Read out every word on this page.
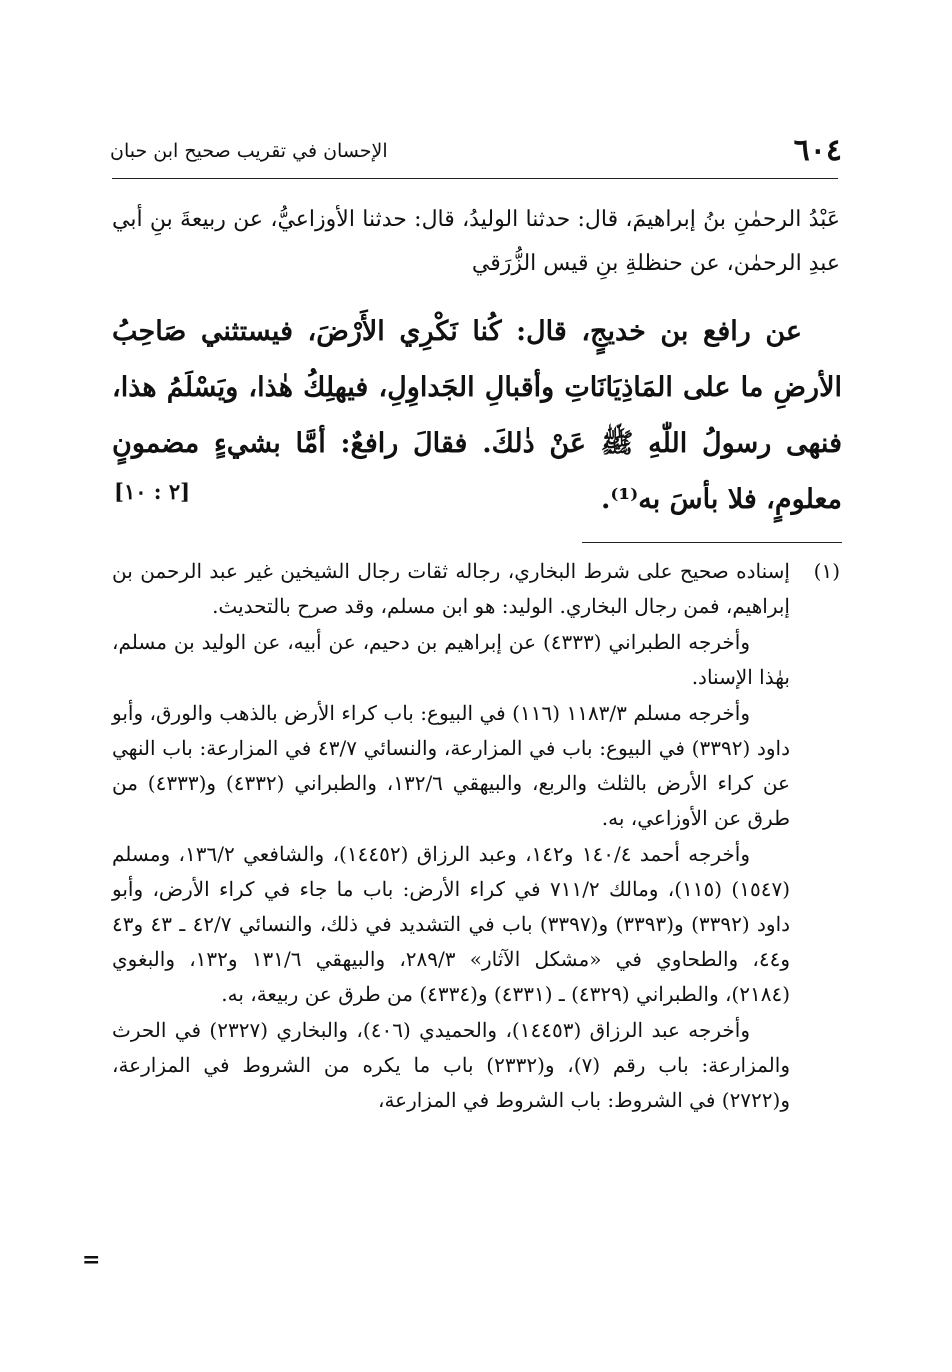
٦٠٤
الإحسان في تقريب صحيح ابن حبان
عَبْدُ الرحمٰنِ بنُ إبراهيمَ، قال: حدثنا الوليدُ، قال: حدثنا الأوزاعيُّ، عن ربيعةَ بنِ أبي عبدِ الرحمٰن، عن حنظلةِ بنِ قيس الزُّرَقي

عن رافع بن خديجٍ، قال: كُنا نَكْرِي الأَرْضَ، فيستثني صَاحِبُ الأرضِ ما على المَاذِيَانَاتِ وأقبالِ الجَداوِلِ، فيهلِكُ هٰذا، ويَسْلَمُ هذا، فنهى رسولُ اللّٰهِ ﷺ عَنْ ذٰلكَ. فقالَ رافعٌ: أمَّا بشيءٍ مضمونٍ معلومٍ، فلا بأسَ به⁽¹⁾.

[٢ : ١٠]
(١)
إسناده صحيح على شرط البخاري، رجاله ثقات رجال الشيخين غير عبد الرحمن بن إبراهيم، فمن رجال البخاري. الوليد: هو ابن مسلم، وقد صرح بالتحديث.

وأخرجه الطبراني (٤٣٣٣) عن إبراهيم بن دحيم، عن أبيه، عن الوليد بن مسلم، بهٰذا الإسناد.

وأخرجه مسلم ١١٨٣/٣ (١١٦) في البيوع: باب كراء الأرض بالذهب والورق، وأبو داود (٣٣٩٢) في البيوع: باب في المزارعة، والنسائي ٤٣/٧ في المزارعة: باب النهي عن كراء الأرض بالثلث والربع، والبيهقي ١٣٢/٦، والطبراني (٤٣٣٢) و(٤٣٣٣) من طرق عن الأوزاعي، به.

وأخرجه أحمد ١٤٠/٤ و١٤٢، وعبد الرزاق (١٤٤٥٢)، والشافعي ١٣٦/٢، ومسلم (١٥٤٧) (١١٥)، ومالك ٧١١/٢ في كراء الأرض: باب ما جاء في كراء الأرض، وأبو داود (٣٣٩٢) و(٣٣٩٣) و(٣٣٩٧) باب في التشديد في ذلك، والنسائي ٤٢/٧ ـ ٤٣ و٤٣ و٤٤، والطحاوي في «مشكل الآثار» ٢٨٩/٣، والبيهقي ١٣١/٦ و١٣٢، والبغوي (٢١٨٤)، والطبراني (٤٣٢٩) ـ (٤٣٣١) و(٤٣٣٤) من طرق عن ربيعة، به.

وأخرجه عبد الرزاق (١٤٤٥٣)، والحميدي (٤٠٦)، والبخاري (٢٣٢٧) في الحرث والمزارعة: باب رقم (٧)، و(٢٣٣٢) باب ما يكره من الشروط في المزارعة، و(٢٧٢٢) في الشروط: باب الشروط في المزارعة،

=
